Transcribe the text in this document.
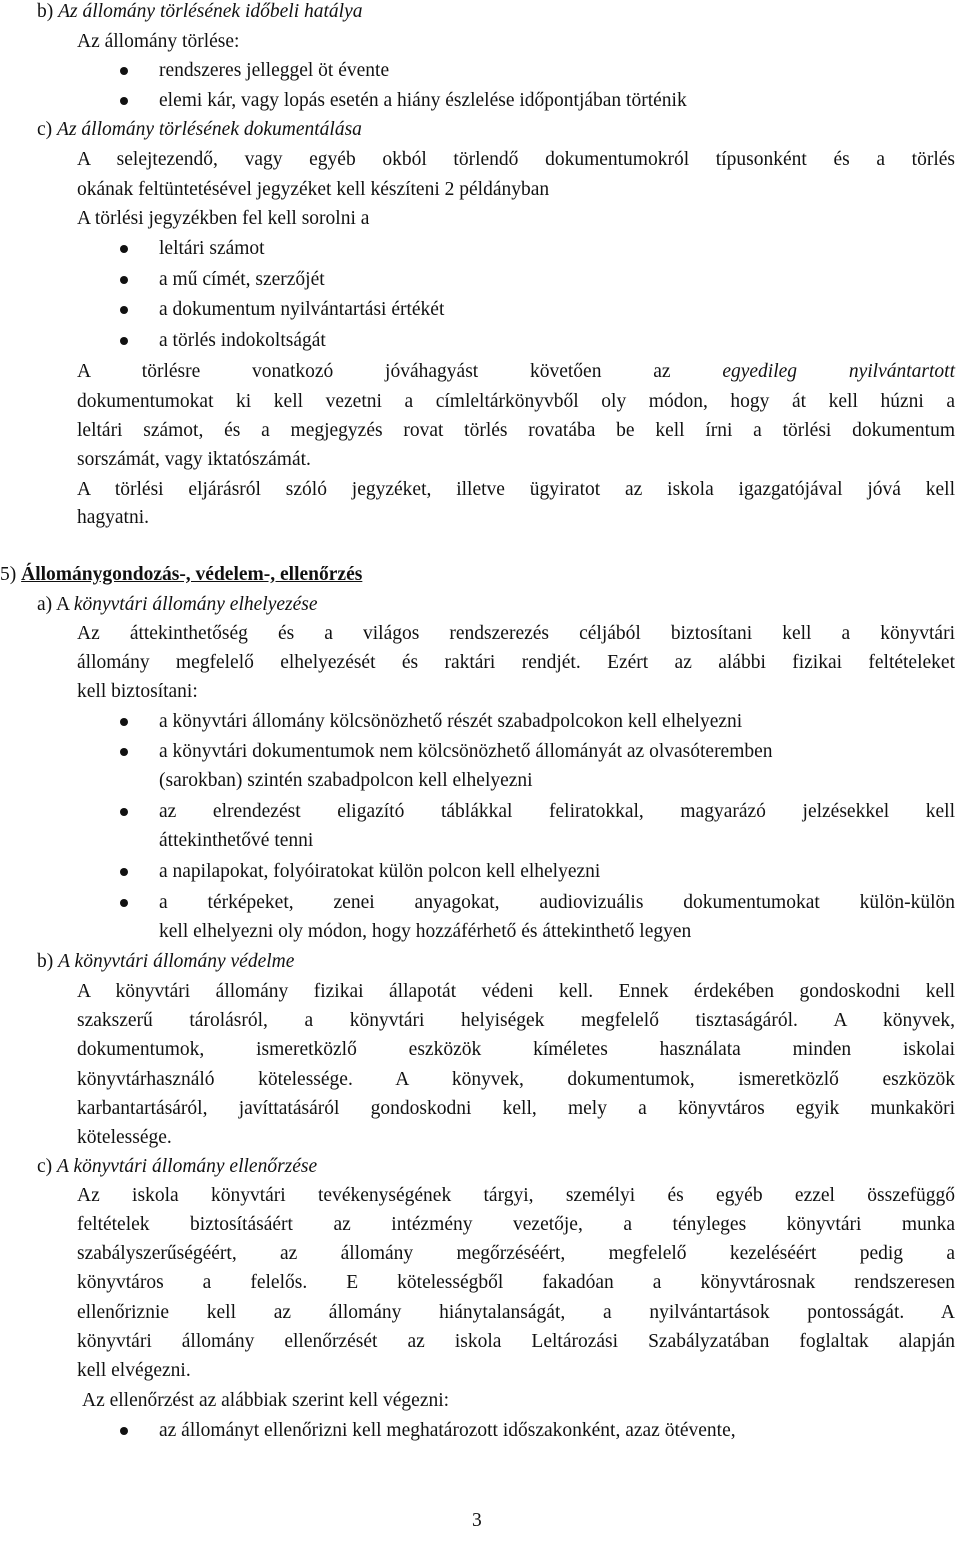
b) Az állomány törlésének időbeli hatálya
Az állomány törlése:
rendszeres jelleggel öt évente
elemi kár, vagy lopás esetén a hiány észlelése időpontjában történik
c) Az állomány törlésének dokumentálása
A selejtezendő, vagy egyéb okból törlendő dokumentumokról típusonként és a törlés
okának feltüntetésével jegyzéket kell készíteni 2 példányban
A törlési jegyzékben fel kell sorolni a
leltári számot
a mű címét, szerzőjét
a dokumentum nyilvántartási értékét
a törlés indokoltságát
A törlésre vonatkozó jóváhagyást követően az egyedileg nyilvántartott
dokumentumokat ki kell vezetni a címleltárkönyvből oly módon, hogy át kell húzni a
leltári számot, és a megjegyzés rovat törlés rovatába be kell írni a törlési dokumentum
sorszámát, vagy iktatószámát.
A törlési eljárásról szóló jegyzéket, illetve ügyiratot az iskola igazgatójával jóvá kell
hagyatni.
5) Állománygondozás-, védelem-, ellenőrzés
a) A könyvtári állomány elhelyezése
Az áttekinthetőség és a világos rendszerezés céljából biztosítani kell a könyvtári
állomány megfelelő elhelyezését és raktári rendjét. Ezért az alábbi fizikai feltételeket
kell biztosítani:
a könyvtári állomány kölcsönözhető részét szabadpolcokon kell elhelyezni
a könyvtári dokumentumok nem kölcsönözhető állományát az olvasóteremben
(sarokban) szintén szabadpolcon kell elhelyezni
az elrendezést eligazító táblákkal feliratokkal, magyarázó jelzésekkel kell
áttekinthetővé tenni
a napilapokat, folyóiratokat külön polcon kell elhelyezni
a térképeket, zenei anyagokat, audiovizuális dokumentumokat külön-külön
kell elhelyezni oly módon, hogy hozzáférhető és áttekinthető legyen
b) A könyvtári állomány védelme
A könyvtári állomány fizikai állapotát védeni kell. Ennek érdekében gondoskodni kell
szakszerű tárolásról, a könyvtári helyiségek megfelelő tisztaságáról. A könyvek,
dokumentumok, ismeretközlő eszközök kíméletes használata minden iskolai
könyvtárhasználó kötelessége. A könyvek, dokumentumok, ismeretközlő eszközök
karbantartásáról, javíttatásáról gondoskodni kell, mely a könyvtáros egyik munkaköri
kötelessége.
c) A könyvtári állomány ellenőrzése
Az iskola könyvtári tevékenységének tárgyi, személyi és egyéb ezzel összefüggő
feltételek biztosításáért az intézmény vezetője, a tényleges könyvtári munka
szabályszerűségéért, az állomány megőrzéséért, megfelelő kezeléséért pedig a
könyvtáros a felelős. E kötelességből fakadóan a könyvtárosnak rendszeresen
ellenőriznie kell az állomány hiánytalanságát, a nyilvántartások pontosságát. A
könyvtári állomány ellenőrzését az iskola Leltározási Szabályzatában foglaltak alapján
kell elvégezni.
Az ellenőrzést az alábbiak szerint kell végezni:
az állományt ellenőrizni kell meghatározott időszakonként, azaz ötévente,
3
